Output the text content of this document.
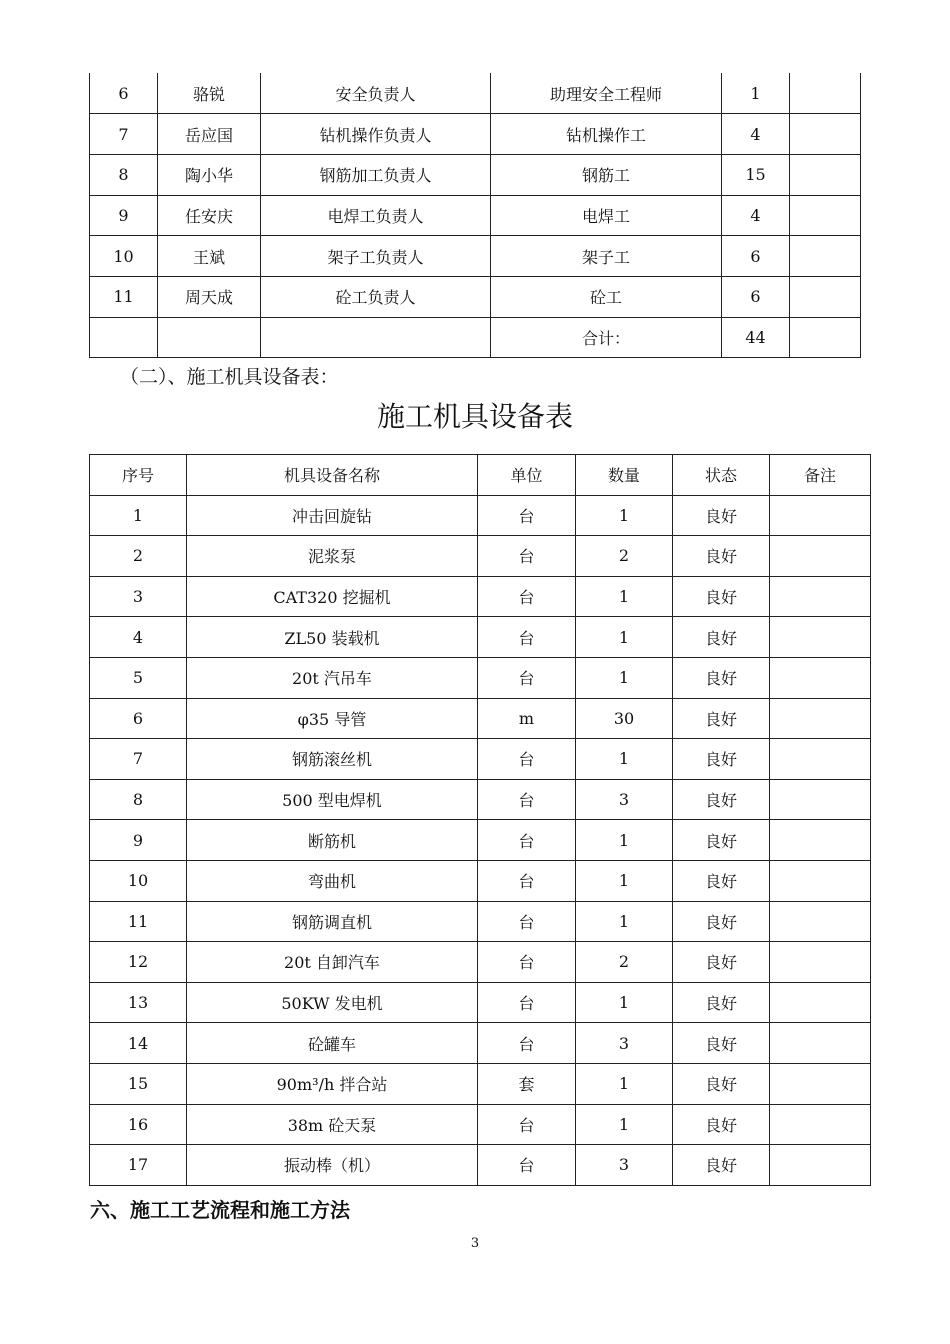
6	骆锐	安全负责人	助理安全工程师	1	
7	岳应国	钻机操作负责人	钻机操作工	4	
8	陶小华	钢筋加工负责人	钢筋工	15	
9	任安庆	电焊工负责人	电焊工	4	
10	王斌	架子工负责人	架子工	6	
11	周天成	砼工负责人	砼工	6	
			合计：	44	
（二）、施工机具设备表：
施工机具设备表
序号	机具设备名称	单位	数量	状态	备注
1	冲击回旋钻	台	1	良好	
2	泥浆泵	台	2	良好	
3	CAT320 挖掘机	台	1	良好	
4	ZL50 装载机	台	1	良好	
5	20t 汽吊车	台	1	良好	
6	φ35 导管	m	30	良好	
7	钢筋滚丝机	台	1	良好	
8	500 型电焊机	台	3	良好	
9	断筋机	台	1	良好	
10	弯曲机	台	1	良好	
11	钢筋调直机	台	1	良好	
12	20t 自卸汽车	台	2	良好	
13	50KW 发电机	台	1	良好	
14	砼罐车	台	3	良好	
15	90m³/h 拌合站	套	1	良好	
16	38m 砼天泵	台	1	良好	
17	振动棒（机）	台	3	良好	
六、施工工艺流程和施工方法
3
